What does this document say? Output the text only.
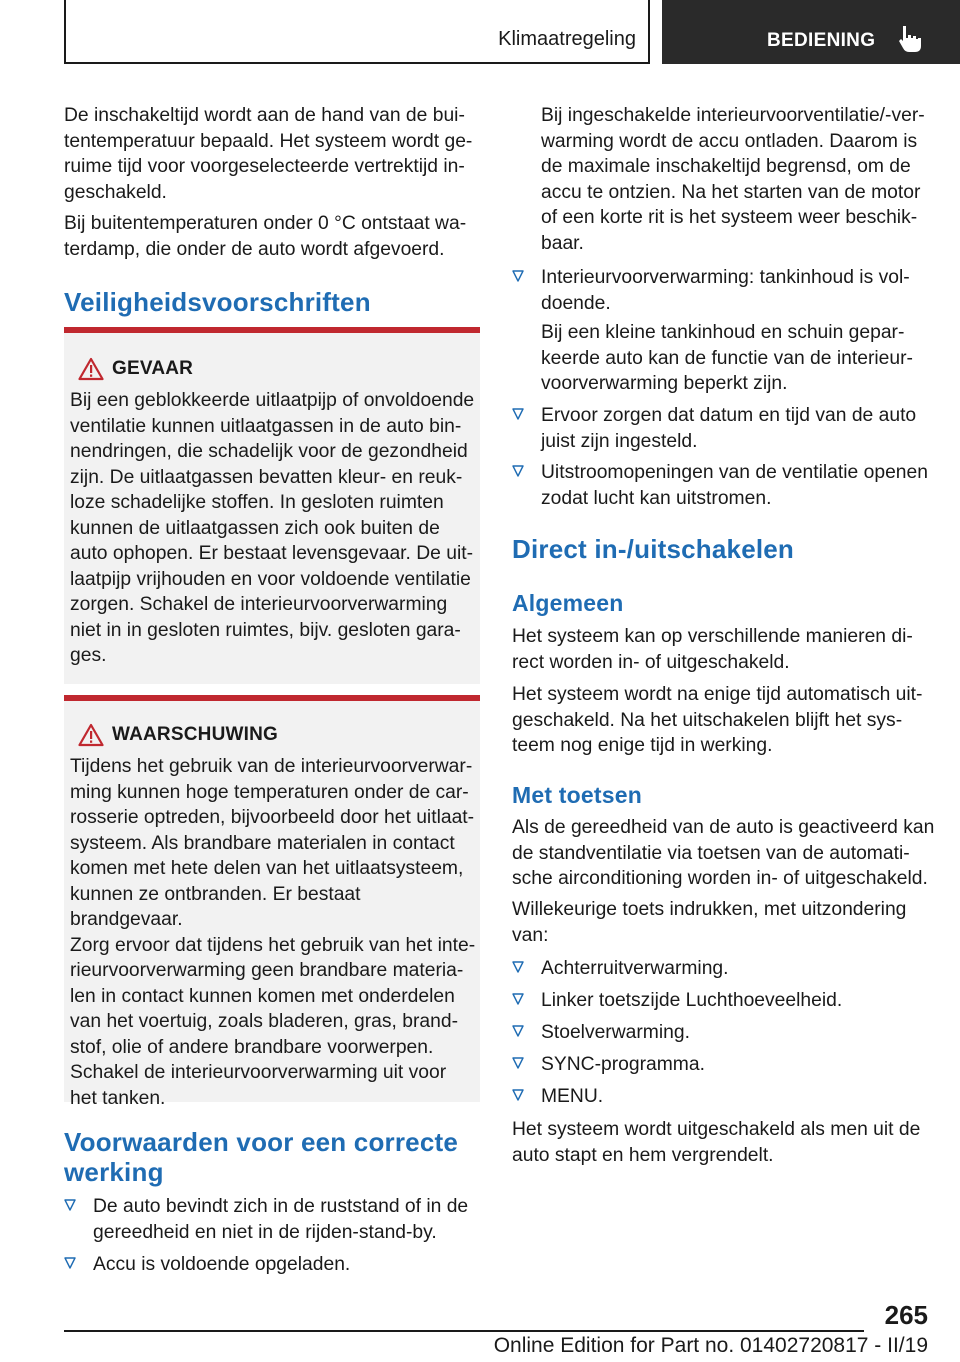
Klimaatregeling	BEDIENING
De inschakeltijd wordt aan de hand van de bui-
tentemperatuur bepaald. Het systeem wordt ge-
ruime tijd voor voorgeselecteerde vertrektijd in-
geschakeld.
Bij buitentemperaturen onder 0 °C ontstaat wa-
terdamp, die onder de auto wordt afgevoerd.
Veiligheidsvoorschriften
GEVAAR
Bij een geblokkeerde uitlaatpijp of onvoldoende
ventilatie kunnen uitlaatgassen in de auto bin-
nendringen, die schadelijk voor de gezondheid
zijn. De uitlaatgassen bevatten kleur- en reuk-
loze schadelijke stoffen. In gesloten ruimten
kunnen de uitlaatgassen zich ook buiten de
auto ophopen. Er bestaat levensgevaar. De uit-
laatpijp vrijhouden en voor voldoende ventilatie
zorgen. Schakel de interieurvoorverwarming
niet in in gesloten ruimtes, bijv. gesloten gara-
ges.
WAARSCHUWING
Tijdens het gebruik van de interieurvoorverwar-
ming kunnen hoge temperaturen onder de car-
rosserie optreden, bijvoorbeeld door het uitlaat-
systeem. Als brandbare materialen in contact
komen met hete delen van het uitlaatsysteem,
kunnen ze ontbranden. Er bestaat brandgevaar.
Zorg ervoor dat tijdens het gebruik van het inte-
rieurvoorverwarming geen brandbare materia-
len in contact kunnen komen met onderdelen
van het voertuig, zoals bladeren, gras, brand-
stof, olie of andere brandbare voorwerpen.
Schakel de interieurvoorverwarming uit voor
het tanken.
Voorwaarden voor een correcte
werking
De auto bevindt zich in de ruststand of in de
gereedheid en niet in de rijden-stand-by.
Accu is voldoende opgeladen.
Bij ingeschakelde interieurvoorventilatie/-ver-
warming wordt de accu ontladen. Daarom is
de maximale inschakeltijd begrensd, om de
accu te ontzien. Na het starten van de motor
of een korte rit is het systeem weer beschik-
baar.
Interieurvoorverwarming: tankinhoud is vol-
doende.
Bij een kleine tankinhoud en schuin gepar-
keerde auto kan de functie van de interieur-
voorverwarming beperkt zijn.
Ervoor zorgen dat datum en tijd van de auto
juist zijn ingesteld.
Uitstroomopeningen van de ventilatie openen
zodat lucht kan uitstromen.
Direct in-/uitschakelen
Algemeen
Het systeem kan op verschillende manieren di-
rect worden in- of uitgeschakeld.
Het systeem wordt na enige tijd automatisch uit-
geschakeld. Na het uitschakelen blijft het sys-
teem nog enige tijd in werking.
Met toetsen
Als de gereedheid van de auto is geactiveerd kan
de standventilatie via toetsen van de automati-
sche airconditioning worden in- of uitgeschakeld.
Willekeurige toets indrukken, met uitzondering
van:
Achterruitverwarming.
Linker toetszijde Luchthoeveelheid.
Stoelverwarming.
SYNC-programma.
MENU.
Het systeem wordt uitgeschakeld als men uit de
auto stapt en hem vergrendelt.
265
Online Edition for Part no. 01402720817 - II/19
